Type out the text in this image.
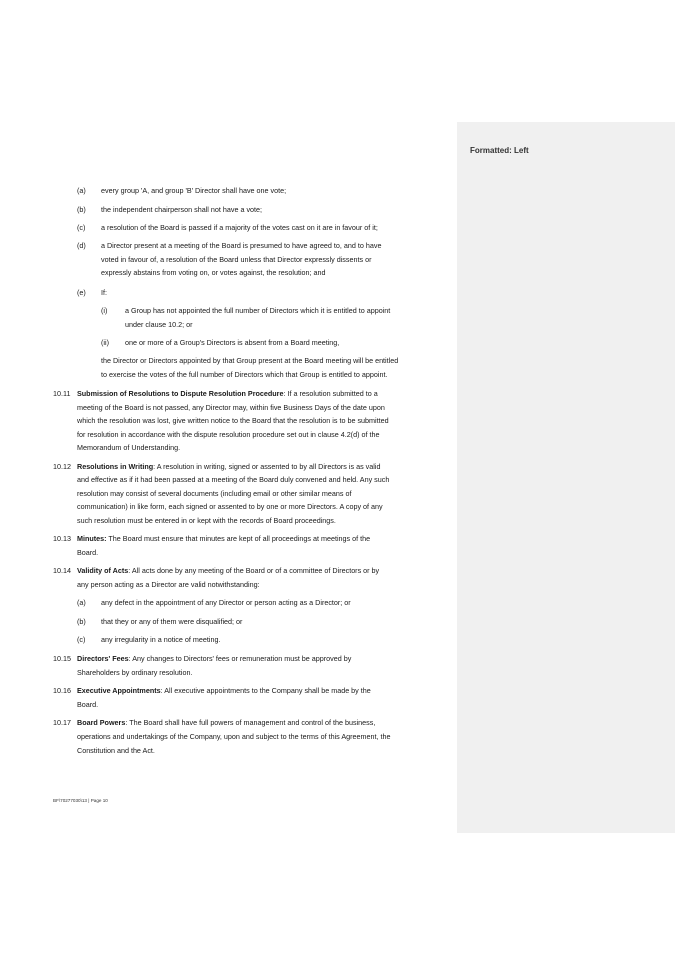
(a) every group 'A, and group 'B' Director shall have one vote;
(b) the independent chairperson shall not have a vote;
(c) a resolution of the Board is passed if a majority of the votes cast on it are in favour of it;
(d) a Director present at a meeting of the Board is presumed to have agreed to, and to have
voted in favour of, a resolution of the Board unless that Director expressly dissents or
expressly abstains from voting on, or votes against, the resolution; and
(e) If:
(i) a Group has not appointed the full number of Directors which it is entitled to appoint
under clause 10.2; or
(ii) one or more of a Group's Directors is absent from a Board meeting,
the Director or Directors appointed by that Group present at the Board meeting will be entitled
to exercise the votes of the full number of Directors which that Group is entitled to appoint.
10.11 Submission of Resolutions to Dispute Resolution Procedure: If a resolution submitted to a
meeting of the Board is not passed, any Director may, within five Business Days of the date upon
which the resolution was lost, give written notice to the Board that the resolution is to be submitted
for resolution in accordance with the dispute resolution procedure set out in clause 4.2(d) of the
Memorandum of Understanding.
10.12 Resolutions in Writing: A resolution in writing, signed or assented to by all Directors is as valid
and effective as if it had been passed at a meeting of the Board duly convened and held. Any such
resolution may consist of several documents (including email or other similar means of
communication) in like form, each signed or assented to by one or more Directors. A copy of any
such resolution must be entered in or kept with the records of Board proceedings.
10.13 Minutes: The Board must ensure that minutes are kept of all proceedings at meetings of the
Board.
10.14 Validity of Acts: All acts done by any meeting of the Board or of a committee of Directors or by
any person acting as a Director are valid notwithstanding:
(a) any defect in the appointment of any Director or person acting as a Director; or
(b) that they or any of them were disqualified; or
(c) any irregularity in a notice of meeting.
10.15 Directors' Fees: Any changes to Directors' fees or remuneration must be approved by
Shareholders by ordinary resolution.
10.16 Executive Appointments: All executive appointments to the Company shall be made by the
Board.
10.17 Board Powers: The Board shall have full powers of management and control of the business,
operations and undertakings of the Company, upon and subject to the terms of this Agreement, the
Constitution and the Act.
BF\70277030\13 | Page 10
Formatted: Left
